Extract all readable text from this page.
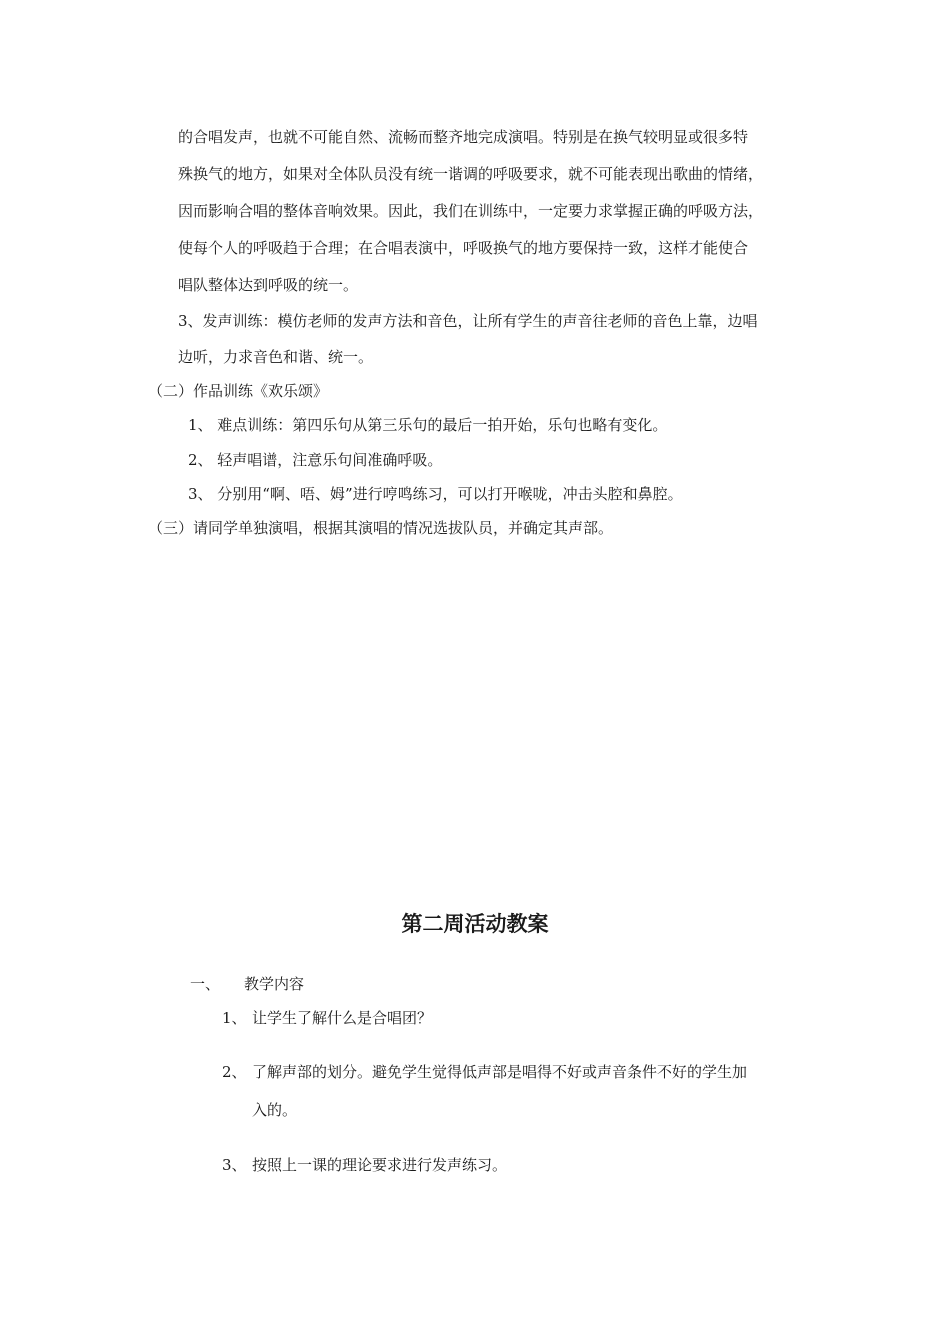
的合唱发声，也就不可能自然、流畅而整齐地完成演唱。特别是在换气较明显或很多特
殊换气的地方，如果对全体队员没有统一谐调的呼吸要求，就不可能表现出歌曲的情绪，
因而影响合唱的整体音响效果。因此，我们在训练中，一定要力求掌握正确的呼吸方法，
使每个人的呼吸趋于合理；在合唱表演中，呼吸换气的地方要保持一致，这样才能使合
唱队整体达到呼吸的统一。
3、发声训练：模仿老师的发声方法和音色，让所有学生的声音往老师的音色上靠，边唱
边听，力求音色和谐、统一。
（二）作品训练《欢乐颂》
1、 难点训练：第四乐句从第三乐句的最后一拍开始，乐句也略有变化。
2、 轻声唱谱，注意乐句间准确呼吸。
3、 分别用“啊、唔、姆”进行哼鸣练习，可以打开喉咙，冲击头腔和鼻腔。
（三）请同学单独演唱，根据其演唱的情况选拔队员，并确定其声部。
第二周活动教案
一、 教学内容
1、 让学生了解什么是合唱团？
2、 了解声部的划分。避免学生觉得低声部是唱得不好或声音条件不好的学生加
入的。
3、 按照上一课的理论要求进行发声练习。
